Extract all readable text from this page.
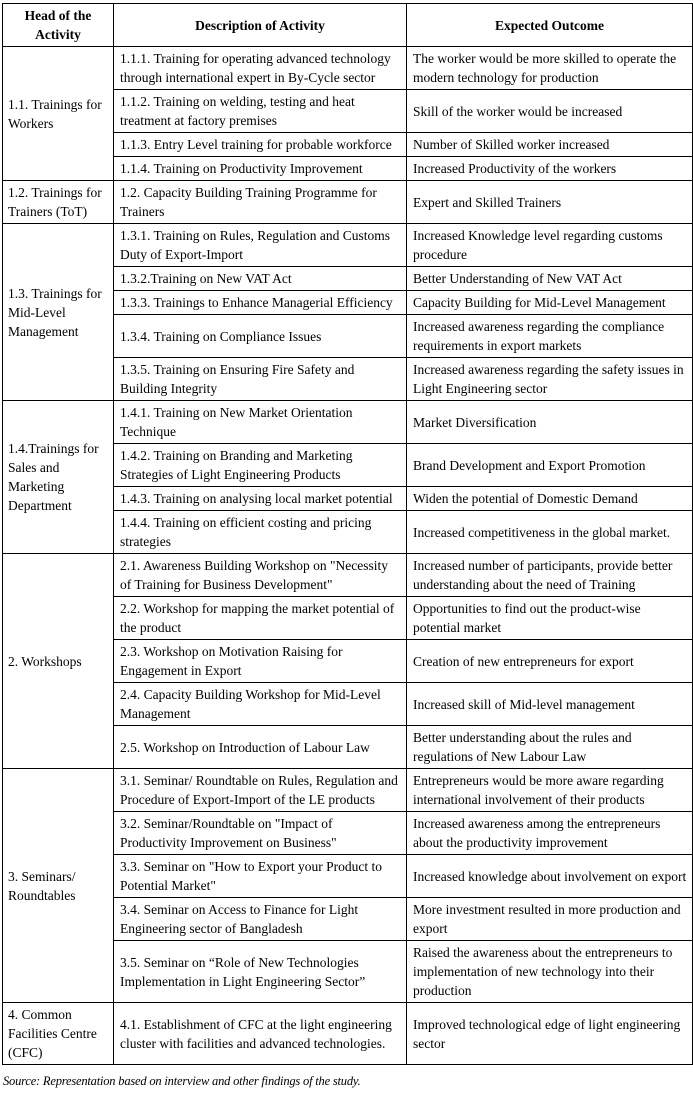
Head of the Activity	Description of Activity	Expected Outcome
1.1. Trainings for Workers	1.1.1. Training for operating advanced technology through international expert in By-Cycle sector	The worker would be more skilled to operate the modern technology for production
	1.1.2. Training on welding, testing and heat treatment at factory premises	Skill of the worker would be increased
	1.1.3. Entry Level training for probable workforce	Number of Skilled worker increased
	1.1.4. Training on Productivity Improvement	Increased Productivity of the workers
1.2. Trainings for Trainers (ToT)	1.2. Capacity Building Training Programme for Trainers	Expert and Skilled Trainers
1.3. Trainings for Mid-Level Management	1.3.1. Training on Rules, Regulation and Customs Duty of Export-Import	Increased Knowledge level regarding customs procedure
	1.3.2.Training on New VAT Act	Better Understanding of New VAT Act
	1.3.3. Trainings to Enhance Managerial Efficiency	Capacity Building for Mid-Level Management
	1.3.4. Training on Compliance Issues	Increased awareness regarding the compliance requirements in export markets
	1.3.5. Training on Ensuring Fire Safety and Building Integrity	Increased awareness regarding the safety issues in Light Engineering sector
1.4.Trainings for Sales and Marketing Department	1.4.1. Training on New Market Orientation Technique	Market Diversification
	1.4.2. Training on Branding and Marketing Strategies of Light Engineering Products	Brand Development and Export Promotion
	1.4.3. Training on analysing local market potential	Widen the potential of Domestic Demand
	1.4.4. Training on efficient costing and pricing strategies	Increased competitiveness in the global market.
2. Workshops	2.1. Awareness Building Workshop on "Necessity of Training for Business Development"	Increased number of participants, provide better understanding about the need of Training
	2.2. Workshop for mapping the market potential of the product	Opportunities to find out the product-wise potential market
	2.3. Workshop on Motivation Raising for Engagement in Export	Creation of new entrepreneurs for export
	2.4. Capacity Building Workshop for Mid-Level Management	Increased skill of Mid-level management
	2.5. Workshop on Introduction of Labour Law	Better understanding about the rules and regulations of New Labour Law
3. Seminars/ Roundtables	3.1. Seminar/ Roundtable on Rules, Regulation and Procedure of Export-Import of the LE products	Entrepreneurs would be more aware regarding international involvement of their products
	3.2. Seminar/Roundtable on "Impact of Productivity Improvement on Business"	Increased awareness among the entrepreneurs about the productivity improvement
	3.3. Seminar on "How to Export your Product to Potential Market"	Increased knowledge about involvement on export
	3.4. Seminar on Access to Finance for Light Engineering sector of Bangladesh	More investment resulted in more production and export
	3.5. Seminar on “Role of New Technologies Implementation in Light Engineering Sector”	Raised the awareness about the entrepreneurs to implementation of new technology into their production
4. Common Facilities Centre (CFC)	4.1. Establishment of CFC at the light engineering cluster with facilities and advanced technologies.	Improved technological edge of light engineering sector
Source: Representation based on interview and other findings of the study.
